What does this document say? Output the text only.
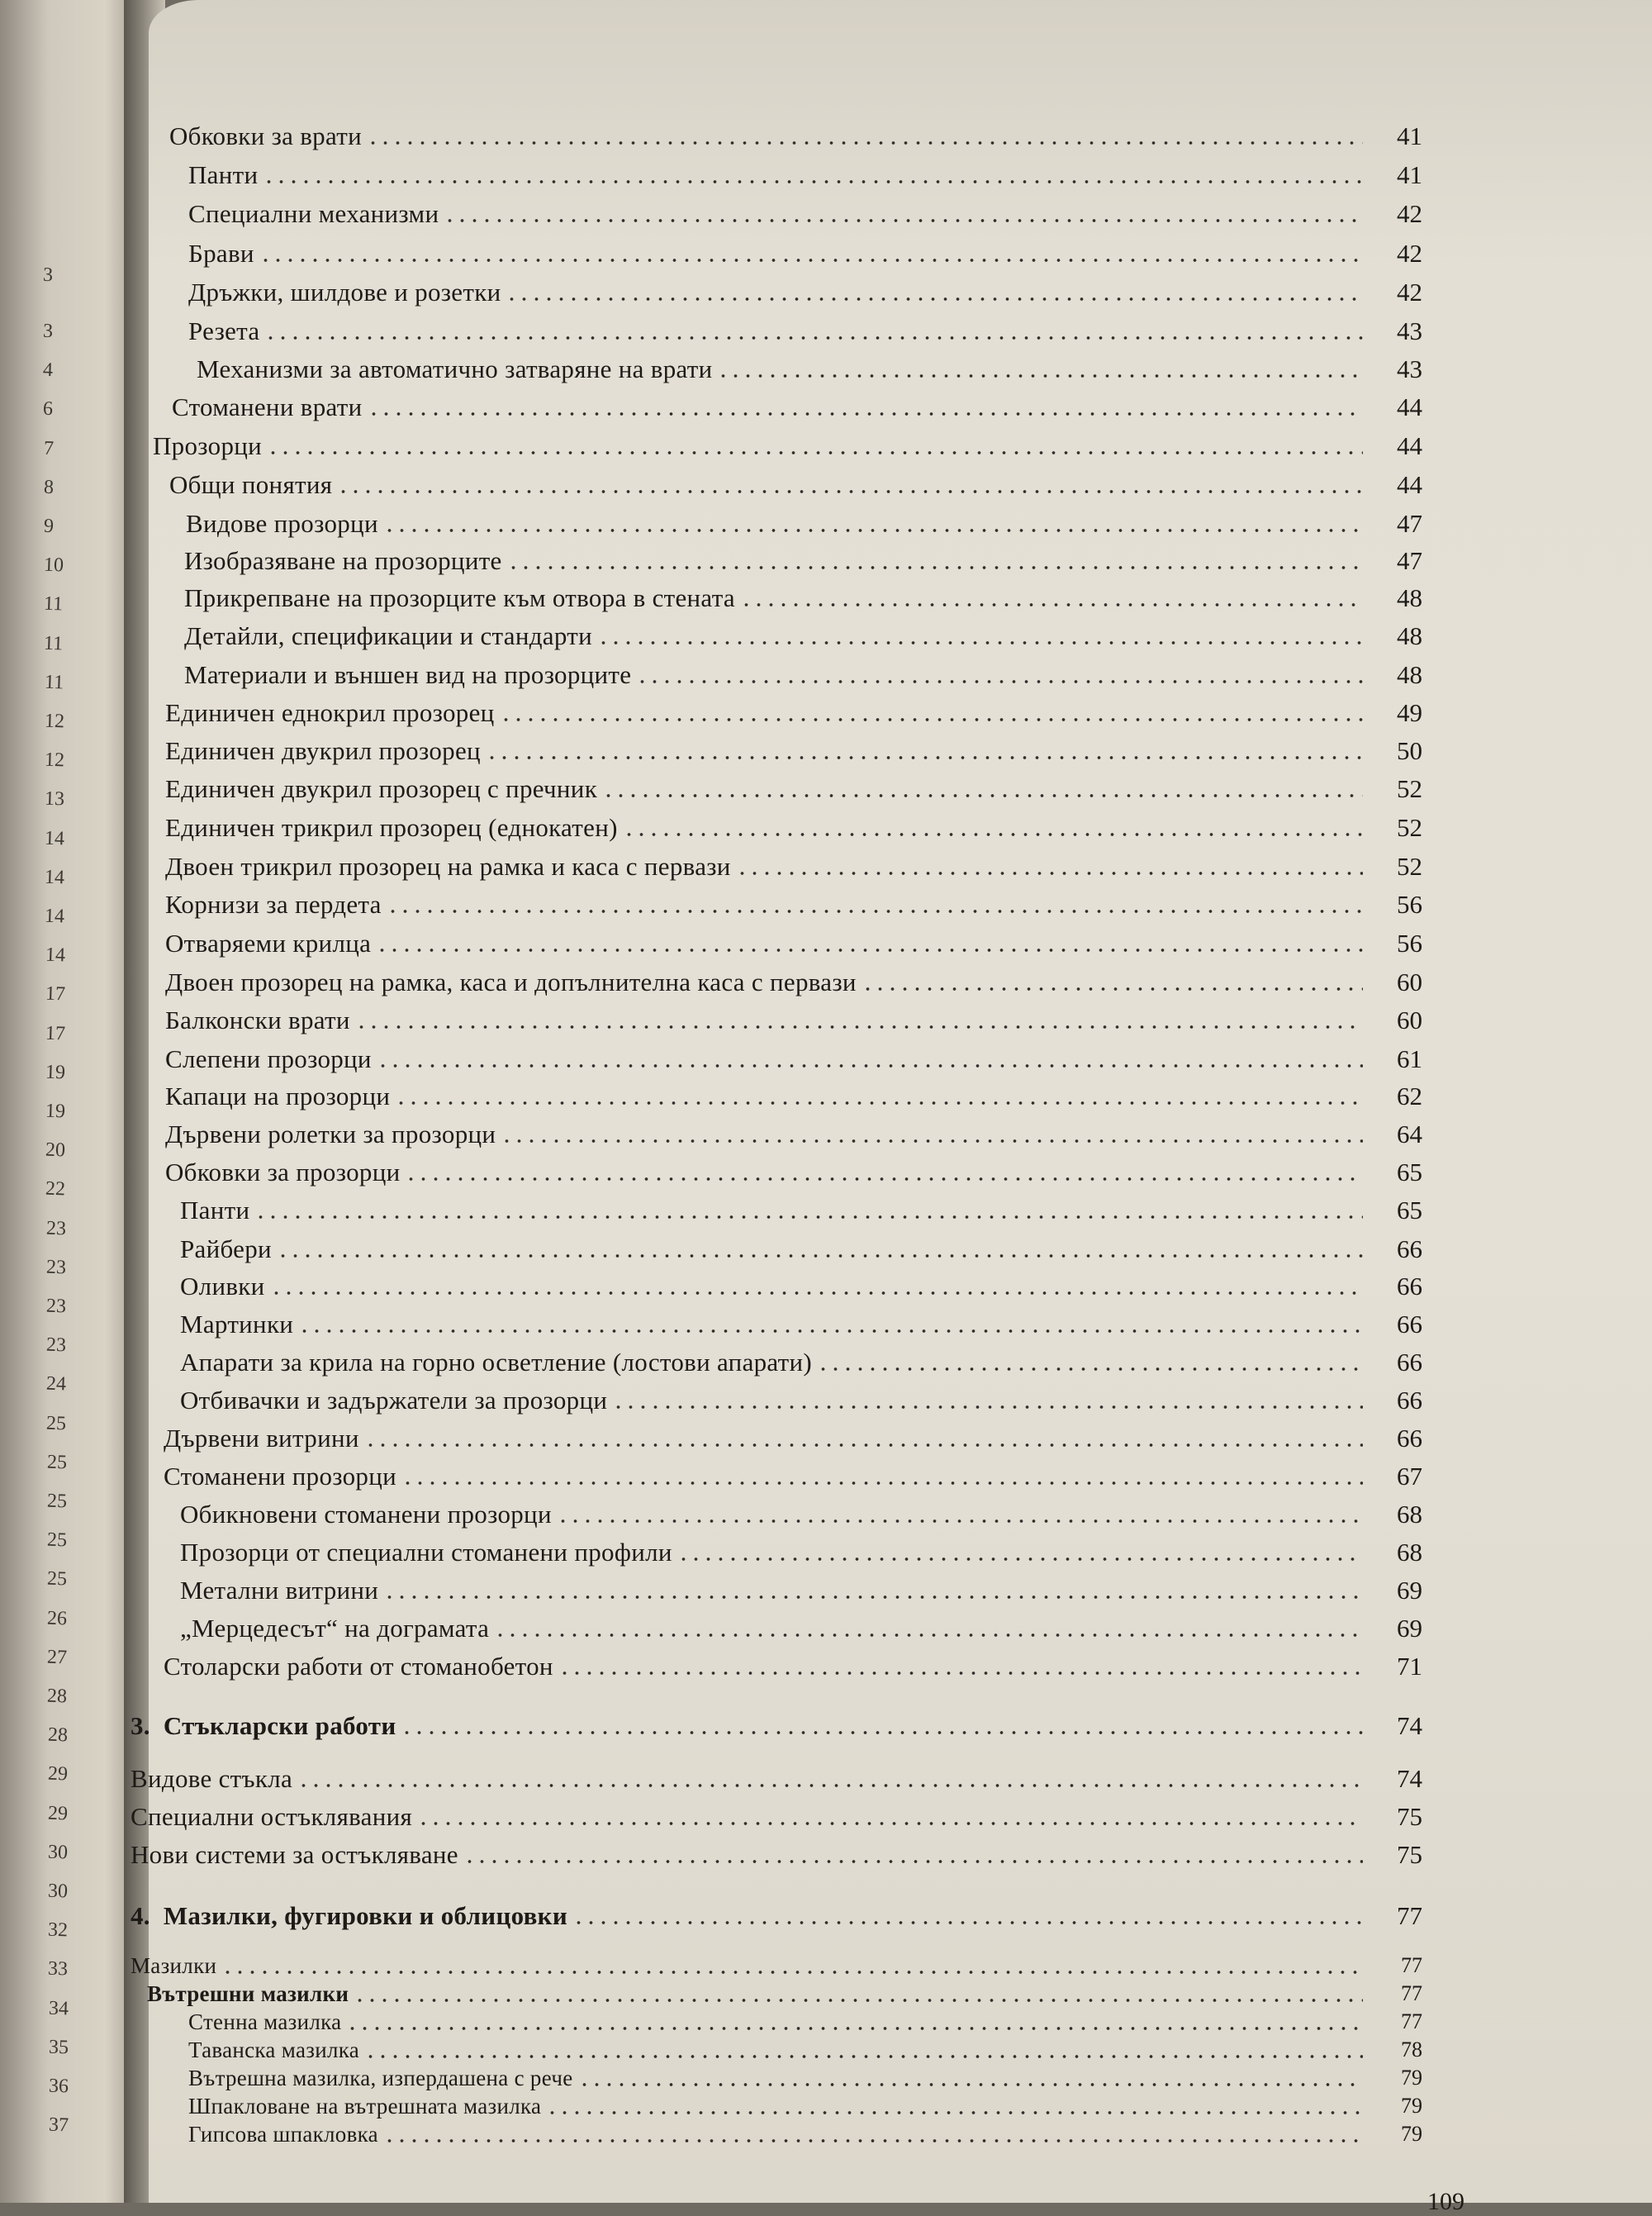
3
3
4
6
7
8
9
10
11
11
11
12
12
13
14
14
14
14
17
17
19
19
20
22
23
23
23
23
24
25
25
25
25
25
26
27
28
28
29
29
30
30
32
33
34
35
36
37
Обковки за врати	41
Панти	41
Специални механизми	42
Брави	42
Дръжки, шилдове и розетки	42
Резета	43
Механизми за автоматично затваряне на врати	43
Стоманени врати	44
Прозорци	44
Общи понятия	44
Видове прозорци	47
Изобразяване на прозорците	47
Прикрепване на прозорците към отвора в стената	48
Детайли, спецификации и стандарти	48
Материали и външен вид на прозорците	48
Единичен еднокрил прозорец	49
Единичен двукрил прозорец	50
Единичен двукрил прозорец с пречник	52
Единичен трикрил прозорец (еднокатен)	52
Двоен трикрил прозорец на рамка и каса с первази	52
Корнизи за пердета	56
Отваряеми крилца	56
Двоен прозорец на рамка, каса и допълнителна каса с первази	60
Балконски врати	60
Слепени прозорци	61
Капаци на прозорци	62
Дървени ролетки за прозорци	64
Обковки за прозорци	65
Панти	65
Райбери	66
Оливки	66
Мартинки	66
Апарати за крила на горно осветление (лостови апарати)	66
Отбивачки и задържатели за прозорци	66
Дървени витрини	66
Стоманени прозорци	67
Обикновени стоманени прозорци	68
Прозорци от специални стоманени профили	68
Метални витрини	69
„Мерцедесът“ на дограмата	69
Столарски работи от стоманобетон	71
3. Стъкларски работи	74
Видове стъкла	74
Специални остъклявания	75
Нови системи за остъкляване	75
4. Мазилки, фугировки и облицовки	77
Мазилки	77
Вътрешни мазилки	77
Стенна мазилка	77
Таванска мазилка	78
Вътрешна мазилка, изпердашена с рече	79
Шпакловане на вътрешната мазилка	79
Гипсова шпакловка	79
109
